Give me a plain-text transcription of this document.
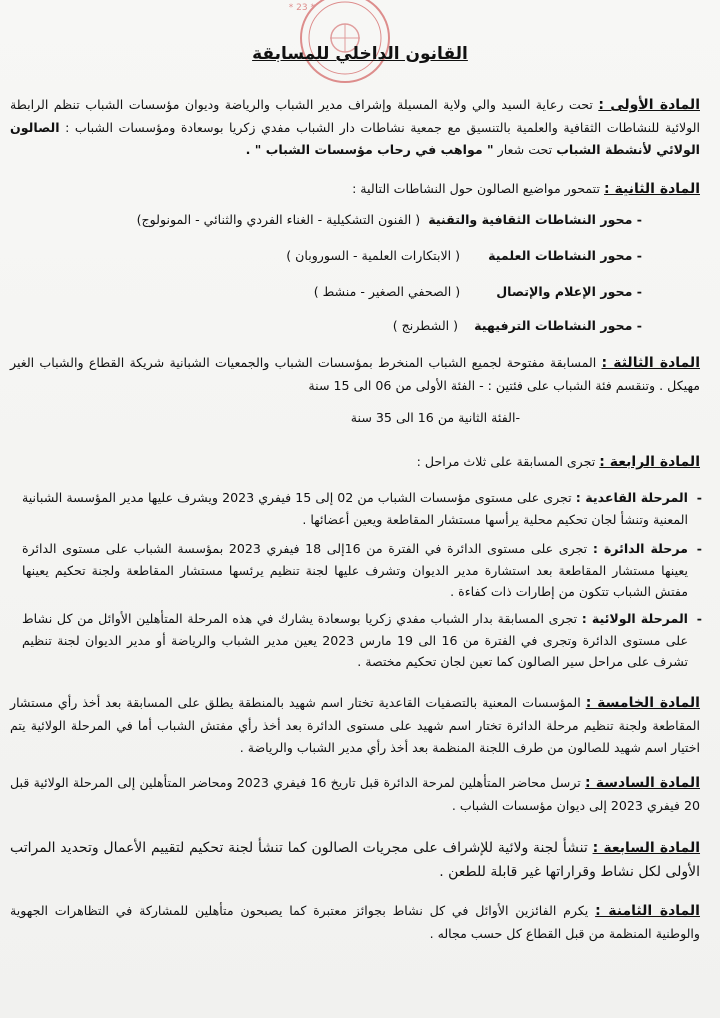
* 23 *
القانون الداخلي للمسابقة
المادة الأولى : تحت رعاية السيد والي ولاية المسيلة وإشراف مدير الشباب والرياضة وديوان مؤسسات الشباب تنظم الرابطة الولائية للنشاطات الثقافية والعلمية بالتنسيق مع جمعية نشاطات دار الشباب مفدي زكريا بوسعادة ومؤسسات الشباب : الصالون الولائي لأنشطة الشباب تحت شعار " مواهب في رحاب مؤسسات الشباب " .
المادة الثانية : تتمحور مواضيع الصالون حول النشاطات التالية :
- محور النشاطات الثقافية والتقنية  ( الفنون التشكيلية - الغناء الفردي والثنائي - المونولوج)
- محور النشاطات العلمية       ( الابتكارات العلمية - السوروبان )
- محور الإعلام والإتصال         ( الصحفي الصغير - منشط )
- محور النشاطات الترفيهية    ( الشطرنج )
المادة الثالثة : المسابقة مفتوحة لجميع الشباب المنخرط بمؤسسات الشباب والجمعيات الشبانية شريكة القطاع والشباب الغير مهيكل . وتنقسم فئة الشباب على فئتين : - الفئة الأولى من 06 الى 15 سنة
-الفئة الثانية من 16 الى 35 سنة
المادة الرابعة : تجرى المسابقة على ثلاث مراحل :
-
المرحلة القاعدية : تجرى على مستوى مؤسسات الشباب من 02 إلى 15 فيفري 2023 ويشرف عليها مدير المؤسسة الشبانية المعنية وتنشأ لجان تحكيم محلية يرأسها مستشار المقاطعة ويعين أعضائها .
-
مرحلة الدائرة : تجرى على مستوى الدائرة في الفترة من 16إلى 18 فيفري 2023 بمؤسسة الشباب على مستوى الدائرة يعينها مستشار المقاطعة بعد استشارة مدير الديوان وتشرف عليها لجنة تنظيم يرئسها مستشار المقاطعة ولجنة تحكيم يعينها مفتش الشباب تتكون من إطارات ذات كفاءة .
-
المرحلة الولائية : تجرى المسابقة بدار الشباب مفدي زكريا بوسعادة يشارك في هذه المرحلة المتأهلين الأوائل من كل نشاط على مستوى الدائرة وتجرى في الفترة من 16 الى 19 مارس 2023 يعين مدير الشباب والرياضة أو مدير الديوان لجنة تنظيم تشرف على مراحل سير الصالون كما تعين لجان تحكيم مختصة .
المادة الخامسة : المؤسسات المعنية بالتصفيات القاعدية تختار اسم شهيد بالمنطقة يطلق على المسابقة بعد أخذ رأي مستشار المقاطعة ولجنة تنظيم مرحلة الدائرة تختار اسم شهيد على مستوى الدائرة بعد أخذ رأي مفتش الشباب أما في المرحلة الولائية يتم اختيار اسم شهيد للصالون من طرف اللجنة المنظمة بعد أخذ رأي مدير الشباب والرياضة .
المادة السادسة : ترسل محاضر المتأهلين لمرحة الدائرة قبل تاريخ 16 فيفري 2023 ومحاضر المتأهلين إلى المرحلة الولائية قبل 20 فيفري 2023 إلى ديوان مؤسسات الشباب .
المادة السابعة : تنشأ لجنة ولائية للإشراف على مجريات الصالون كما تنشأ لجنة تحكيم لتقييم الأعمال وتحديد المراتب الأولى لكل نشاط وقراراتها غير قابلة للطعن .
المادة الثامنة : يكرم الفائزين الأوائل في كل نشاط بجوائز معتبرة كما يصبحون متأهلين للمشاركة في التظاهرات الجهوية والوطنية المنظمة من قبل القطاع كل حسب مجاله .
